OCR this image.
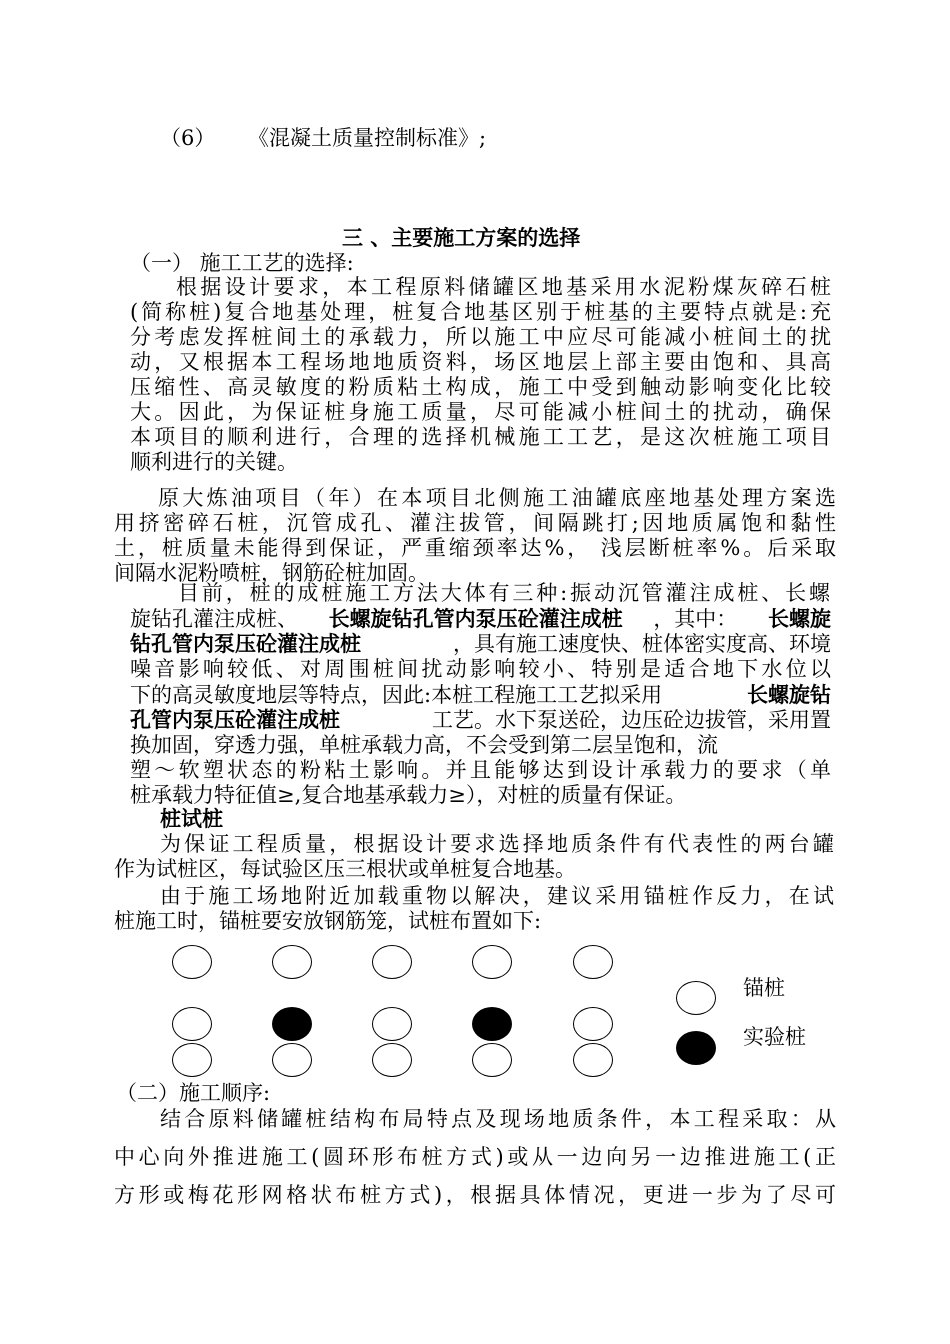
（6） 《混凝土质量控制标准》;
三 、主要施工方案的选择
（一） 施工工艺的选择:
根据设计要求，本工程原料储罐区地基采用水泥粉煤灰碎石桩
(简称桩)复合地基处理，桩复合地基区别于桩基的主要特点就是:充
分考虑发挥桩间土的承载力，所以施工中应尽可能减小桩间土的扰
动，又根据本工程场地地质资料，场区地层上部主要由饱和、具高
压缩性、高灵敏度的粉质粘土构成，施工中受到触动影响变化比较
大。因此，为保证桩身施工质量，尽可能减小桩间土的扰动，确保
本项目的顺利进行，合理的选择机械施工工艺，是这次桩施工项目
顺利进行的关键。
原大炼油项目（年）在本项目北侧施工油罐底座地基处理方案选
用挤密碎石桩，沉管成孔、灌注拔管，间隔跳打;因地质属饱和黏性
土，桩质量未能得到保证，严重缩颈率达%， 浅层断桩率%。后采取
间隔水泥粉喷桩，钢筋砼桩加固。
目前，桩的成桩施工方法大体有三种:振动沉管灌注成桩、长螺
旋钻孔灌注成桩、 长螺旋钻孔管内泵压砼灌注成桩 ，其中： 长螺旋
钻孔管内泵压砼灌注成桩	，具有施工速度快、桩体密实度高、环境
噪音影响较低、对周围桩间扰动影响较小、特别是适合地下水位以
下的高灵敏度地层等特点，因此:本桩工程施工工艺拟采用	长螺旋钻
孔管内泵压砼灌注成桩	工艺。水下泵送砼，边压砼边拔管，采用置
换加固，穿透力强，单桩承载力高，不会受到第二层呈饱和，流
塑～软塑状态的粉粘土影响。并且能够达到设计承载力的要求（单
桩承载力特征值≥,复合地基承载力≥），对桩的质量有保证。
桩试桩
为保证工程质量，根据设计要求选择地质条件有代表性的两台罐
作为试桩区，每试验区压三根状或单桩复合地基。
由于施工场地附近加载重物以解决，建议采用锚桩作反力，在试
桩施工时，锚桩要安放钢筋笼，试桩布置如下:
锚桩
实验桩
（二）施工顺序:
结合原料储罐桩结构布局特点及现场地质条件，本工程采取：从
中心向外推进施工(圆环形布桩方式)或从一边向另一边推进施工(正
方形或梅花形网格状布桩方式)，根据具体情况，更进一步为了尽可
